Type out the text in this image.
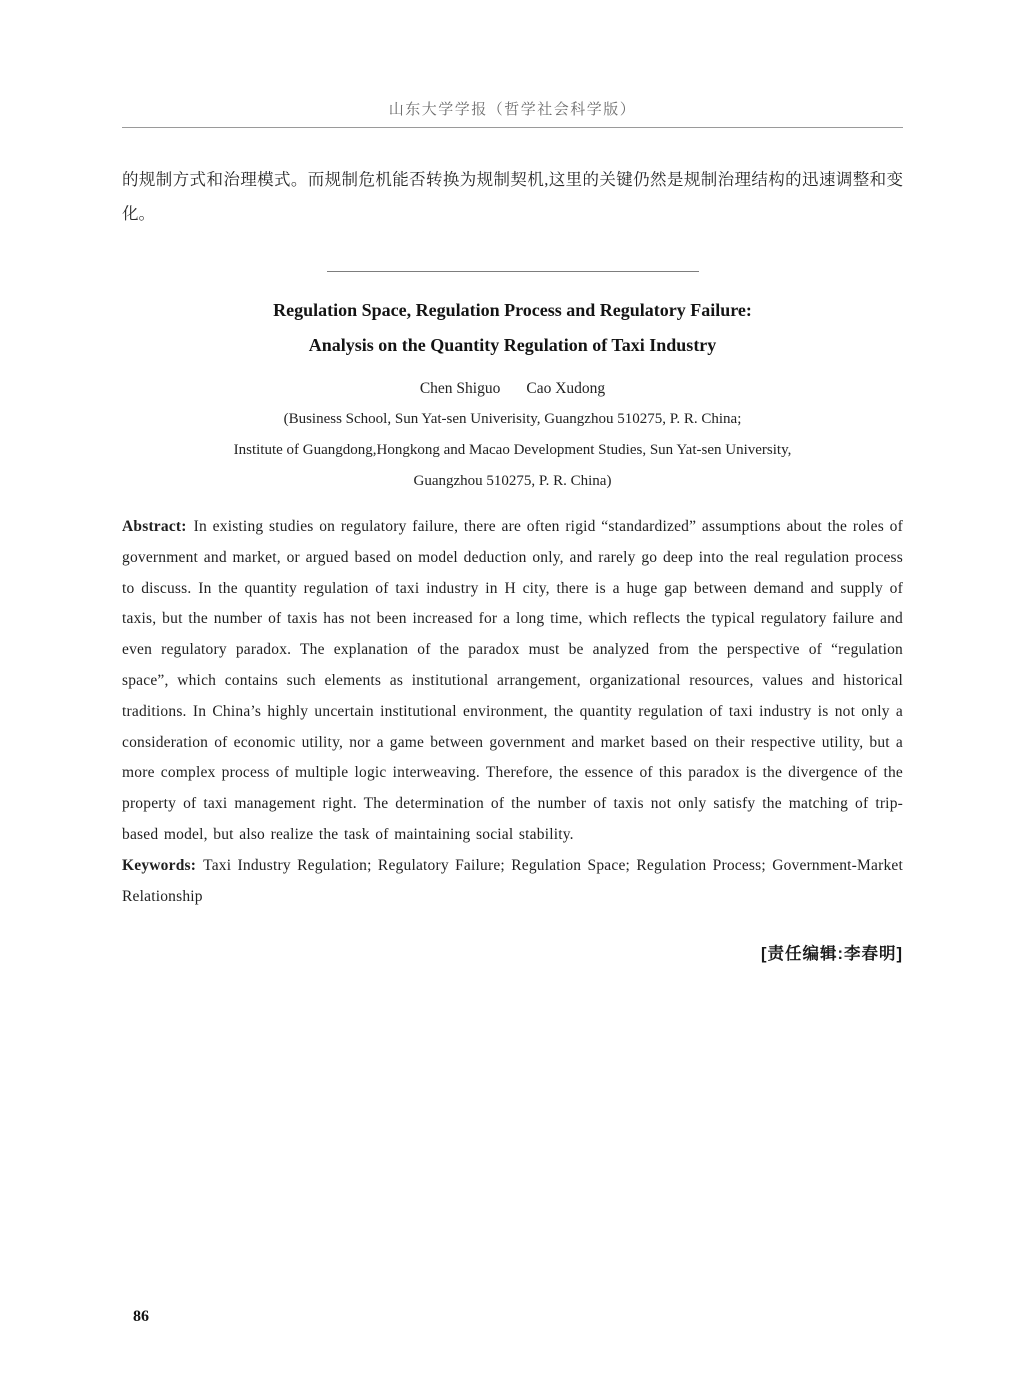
山东大学学报（哲学社会科学版）

的规制方式和治理模式。而规制危机能否转换为规制契机,这里的关键仍然是规制治理结构的迅速调整和变化。

Regulation Space, Regulation Process and Regulatory Failure:
Analysis on the Quantity Regulation of Taxi Industry
Chen Shiguo Cao Xudong
(Business School, Sun Yat-sen Univerisity, Guangzhou 510275, P. R. China;
Institute of Guangdong,Hongkong and Macao Development Studies, Sun Yat-sen University,
Guangzhou 510275, P. R. China)

Abstract: In existing studies on regulatory failure, there are often rigid “standardized” assumptions about the roles of government and market, or argued based on model deduction only, and rarely go deep into the real regulation process to discuss. In the quantity regulation of taxi industry in H city, there is a huge gap between demand and supply of taxis, but the number of taxis has not been increased for a long time, which reflects the typical regulatory failure and even regulatory paradox. The explanation of the paradox must be analyzed from the perspective of “regulation space”, which contains such elements as institutional arrangement, organizational resources, values and historical traditions. In China’s highly uncertain institutional environment, the quantity regulation of taxi industry is not only a consideration of economic utility, nor a game between government and market based on their respective utility, but a more complex process of multiple logic interweaving. Therefore, the essence of this paradox is the divergence of the property of taxi management right. The determination of the number of taxis not only satisfy the matching of trip-based model, but also realize the task of maintaining social stability.

Keywords: Taxi Industry Regulation; Regulatory Failure; Regulation Space; Regulation Process; Government-Market Relationship

[责任编辑:李春明]
86
